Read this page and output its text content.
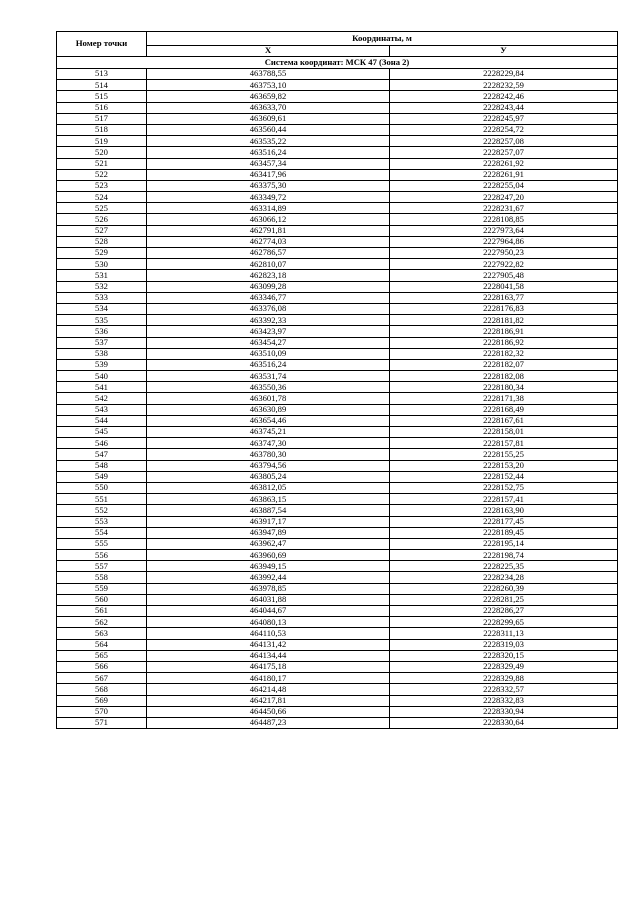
Номер точки	Координаты, м	
	X	У
Система координат: МСК 47 (Зона 2)		
513	463788,55	2228229,84
514	463753,10	2228232,59
515	463659,82	2228242,46
516	463633,70	2228243,44
517	463609,61	2228245,97
518	463560,44	2228254,72
519	463535,22	2228257,08
520	463516,24	2228257,07
521	463457,34	2228261,92
522	463417,96	2228261,91
523	463375,30	2228255,04
524	463349,72	2228247,20
525	463314,89	2228231,67
526	463066,12	2228108,85
527	462791,81	2227973,64
528	462774,03	2227964,86
529	462786,57	2227950,23
530	462810,07	2227922,82
531	462823,18	2227905,48
532	463099,28	2228041,58
533	463346,77	2228163,77
534	463376,08	2228176,83
535	463392,33	2228181,82
536	463423,97	2228186,91
537	463454,27	2228186,92
538	463510,09	2228182,32
539	463516,24	2228182,07
540	463531,74	2228182,08
541	463550,36	2228180,34
542	463601,78	2228171,38
543	463630,89	2228168,49
544	463654,46	2228167,61
545	463745,21	2228158,01
546	463747,30	2228157,81
547	463780,30	2228155,25
548	463794,56	2228153,20
549	463805,24	2228152,44
550	463812,05	2228152,75
551	463863,15	2228157,41
552	463887,54	2228163,90
553	463917,17	2228177,45
554	463947,89	2228189,45
555	463962,47	2228195,14
556	463960,69	2228198,74
557	463949,15	2228225,35
558	463992,44	2228234,28
559	463978,85	2228260,39
560	464031,88	2228281,25
561	464044,67	2228286,27
562	464080,13	2228299,65
563	464110,53	2228311,13
564	464131,42	2228319,03
565	464134,44	2228320,15
566	464175,18	2228329,49
567	464180,17	2228329,88
568	464214,48	2228332,57
569	464217,81	2228332,83
570	464450,66	2228330,94
571	464487,23	2228330,64
